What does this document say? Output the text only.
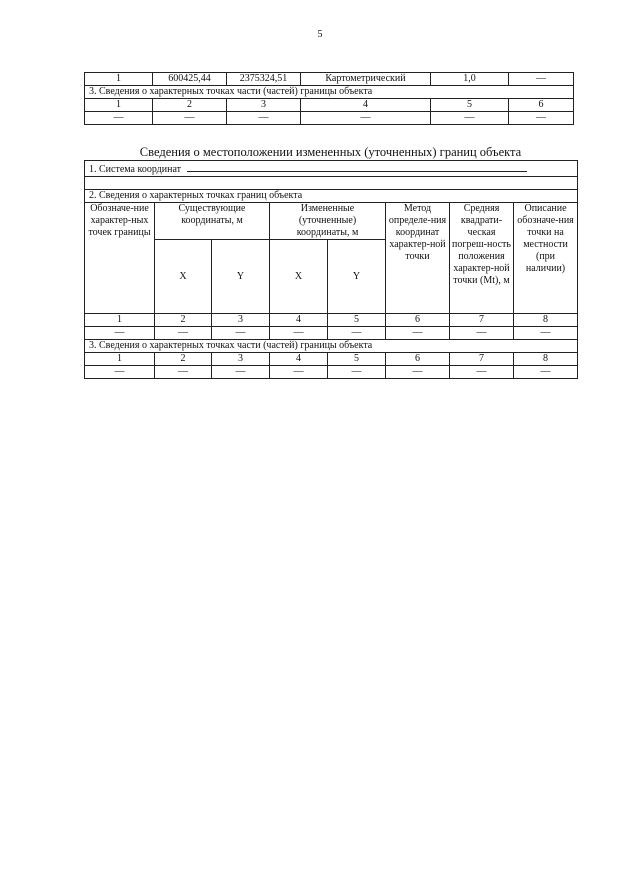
5
1	600425,44	2375324,51	Картометрический	1,0	—
3. Сведения о характерных точках части (частей) границы объекта					
1	2	3	4	5	6
—	—	—	—	—	—
Сведения о местоположении измененных (уточненных) границ объекта
1. Система координат							

2. Сведения о характерных точках границ объекта							
Обозначе-ние характер-ных точек границы	Существующие координаты, м		Измененные (уточненные) координаты, м		Метод определе-ния координат характер-ной точки	Средняя квадрати-ческая погреш-ность положения характер-ной точки (Mt), м	Описание обозначе-ния точки на местности (при наличии)
	X	Y	X	Y			
1	2	3	4	5	6	7	8
—	—	—	—	—	—	—	—
3. Сведения о характерных точках части (частей) границы объекта							
1	2	3	4	5	6	7	8
—	—	—	—	—	—	—	—
